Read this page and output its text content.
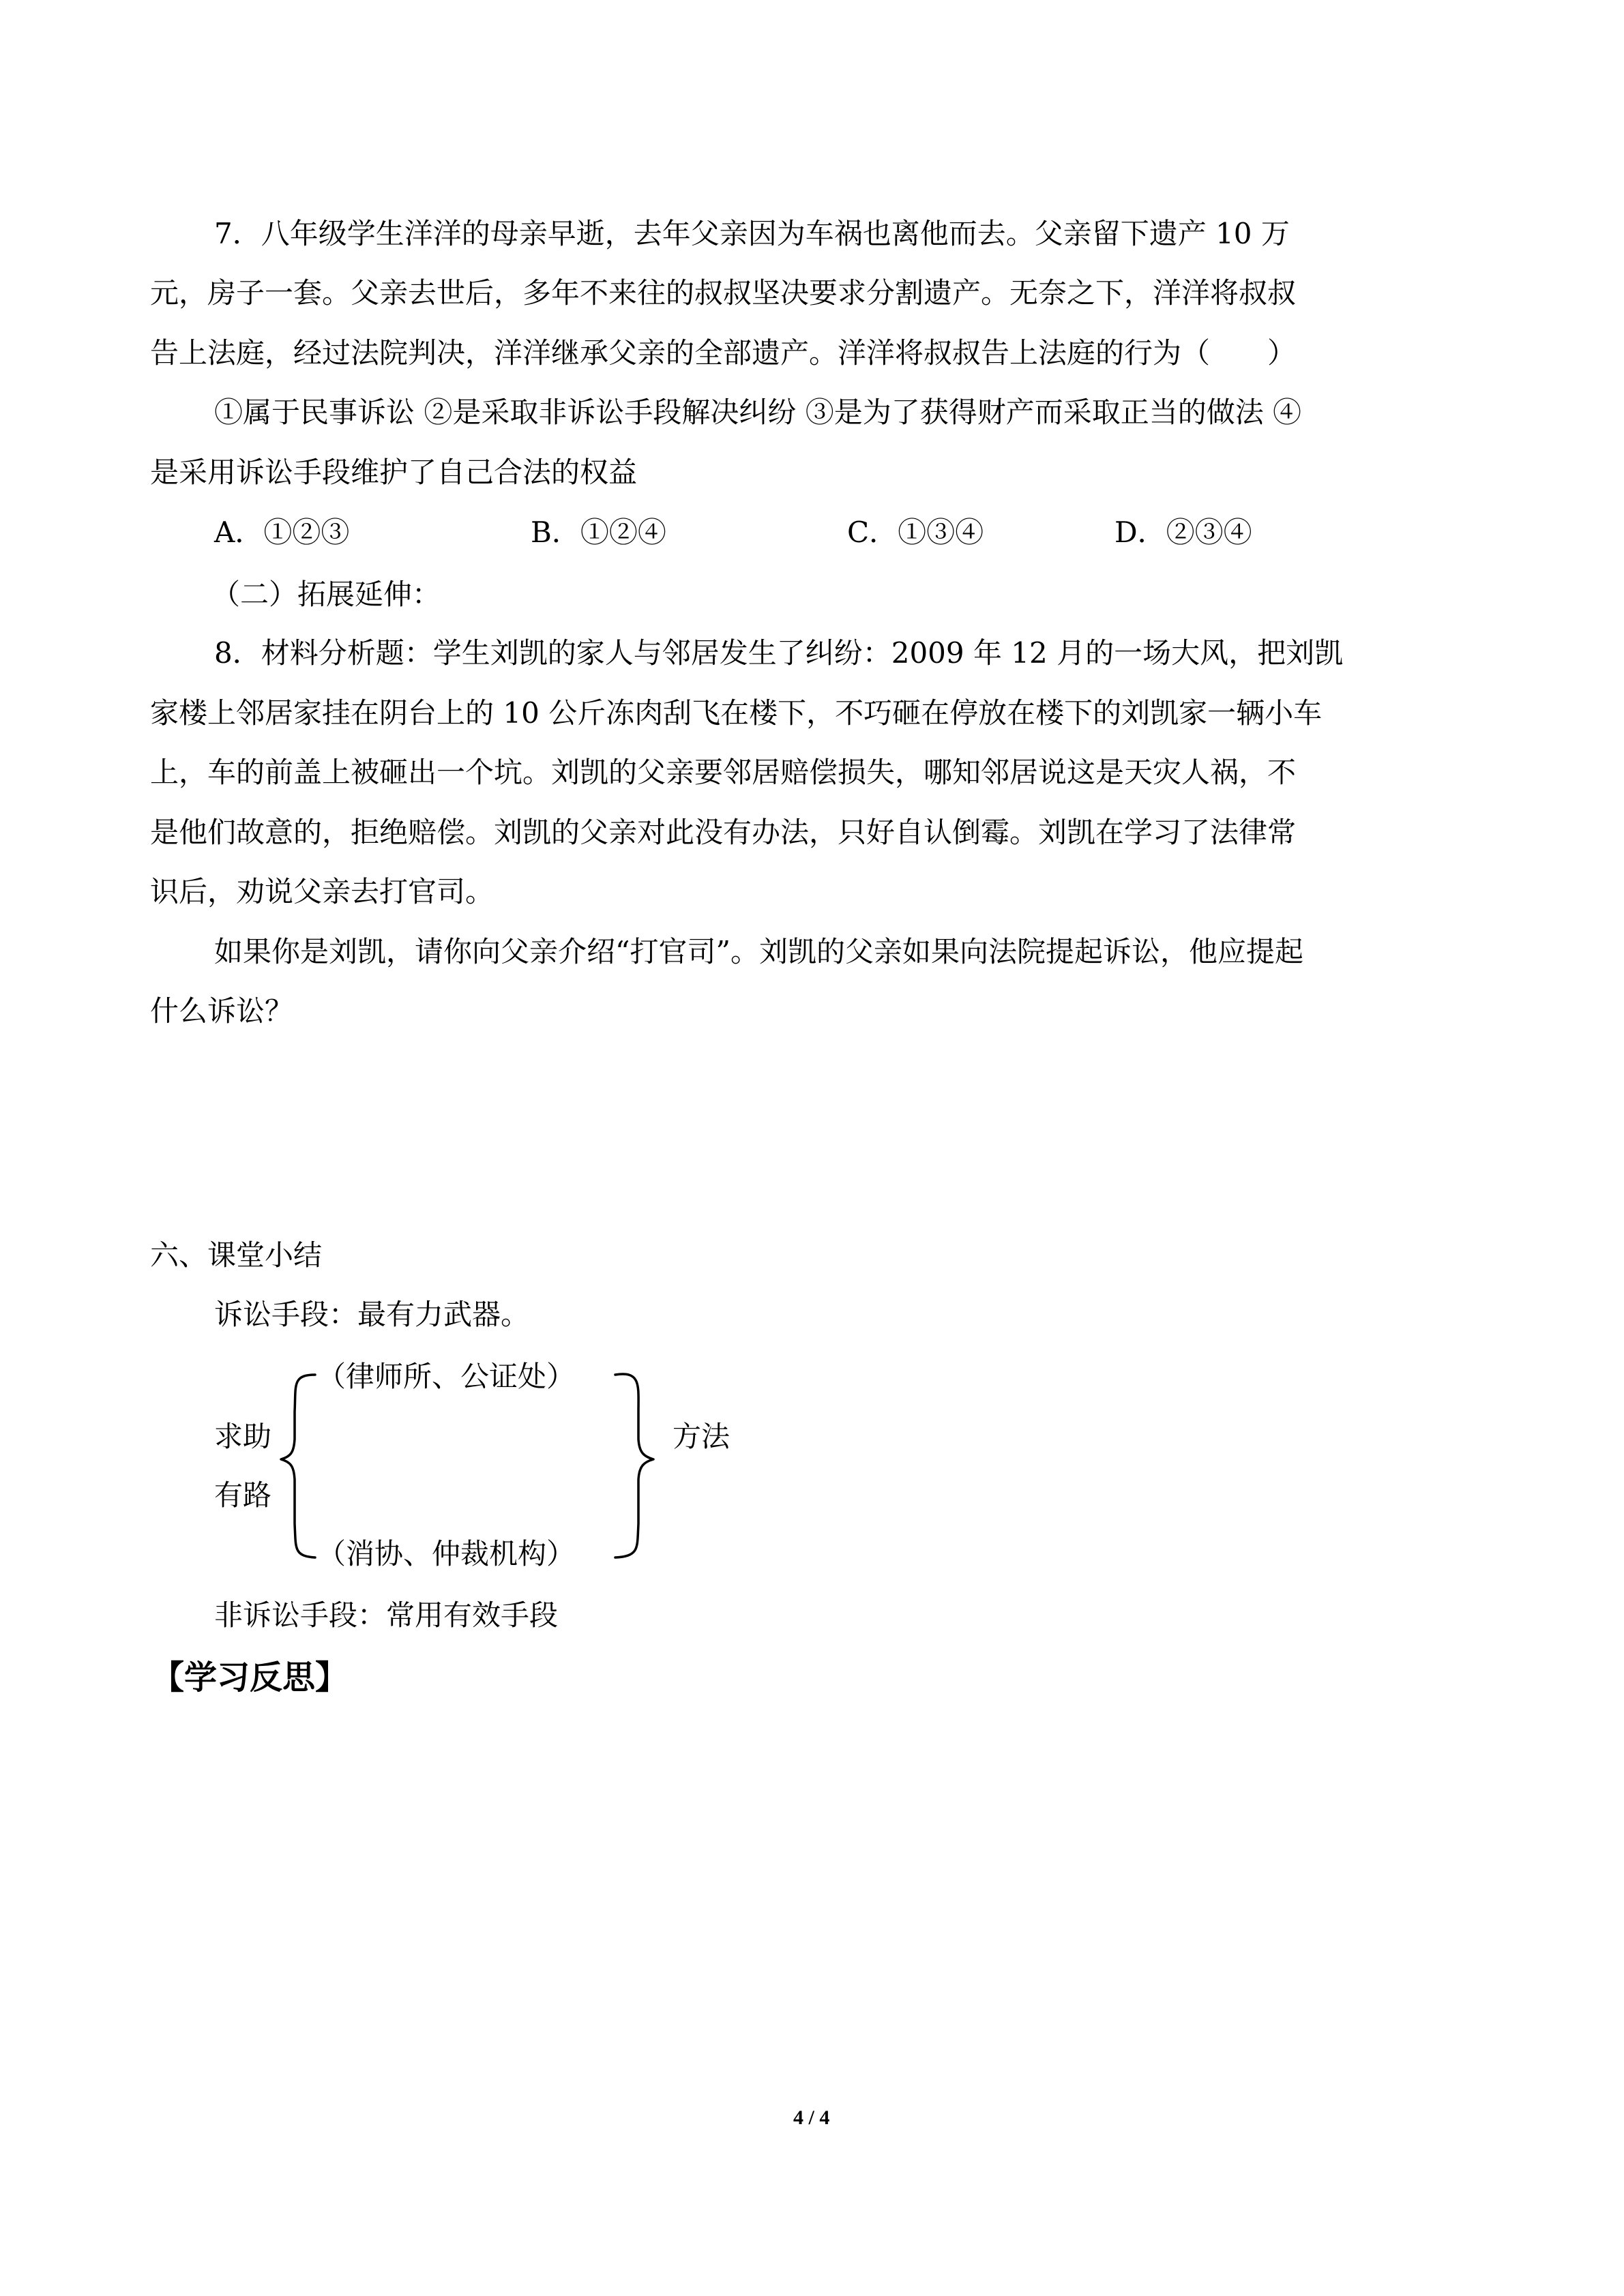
7．八年级学生洋洋的母亲早逝，去年父亲因为车祸也离他而去。父亲留下遗产 10 万
元，房子一套。父亲去世后，多年不来往的叔叔坚决要求分割遗产。无奈之下，洋洋将叔叔
告上法庭，经过法院判决，洋洋继承父亲的全部遗产。洋洋将叔叔告上法庭的行为（　　）
①属于民事诉讼 ②是采取非诉讼手段解决纠纷 ③是为了获得财产而采取正当的做法 ④
是采用诉讼手段维护了自己合法的权益
A．①②③	B．①②④	C．①③④	D．②③④
（二）拓展延伸：
8．材料分析题：学生刘凯的家人与邻居发生了纠纷：2009 年 12 月的一场大风，把刘凯
家楼上邻居家挂在阴台上的 10 公斤冻肉刮飞在楼下，不巧砸在停放在楼下的刘凯家一辆小车
上，车的前盖上被砸出一个坑。刘凯的父亲要邻居赔偿损失，哪知邻居说这是天灾人祸，不
是他们故意的，拒绝赔偿。刘凯的父亲对此没有办法，只好自认倒霉。刘凯在学习了法律常
识后，劝说父亲去打官司。
如果你是刘凯，请你向父亲介绍“打官司”。刘凯的父亲如果向法院提起诉讼，他应提起
什么诉讼？
六、课堂小结
诉讼手段：最有力武器。
（律师所、公证处）
求助
有路
方法
（消协、仲裁机构）
非诉讼手段：常用有效手段
【学习反思】
4 / 4
